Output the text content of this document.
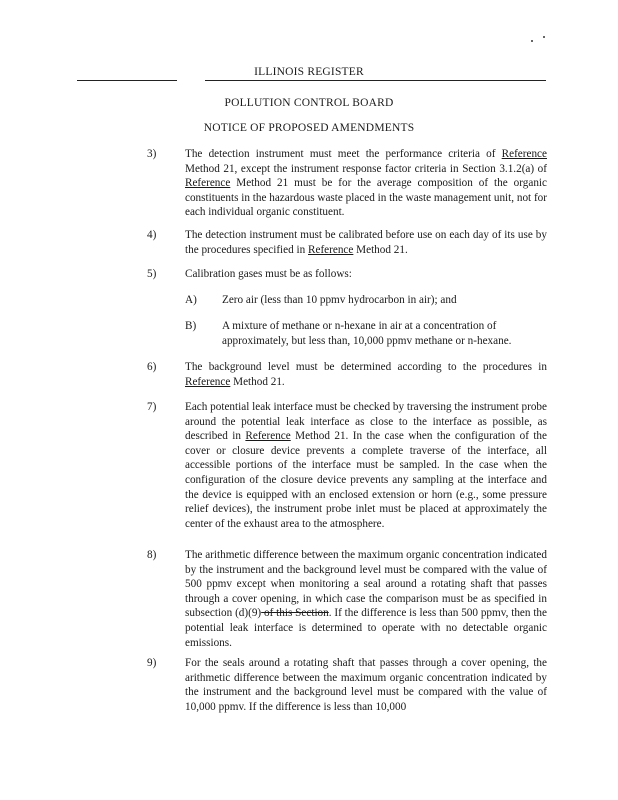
ILLINOIS REGISTER
POLLUTION CONTROL BOARD
NOTICE OF PROPOSED AMENDMENTS
3)	The detection instrument must meet the performance criteria of Reference Method 21, except the instrument response factor criteria in Section 3.1.2(a) of Reference Method 21 must be for the average composition of the organic constituents in the hazardous waste placed in the waste management unit, not for each individual organic constituent.
4)	The detection instrument must be calibrated before use on each day of its use by the procedures specified in Reference Method 21.
5)	Calibration gases must be as follows:
A)	Zero air (less than 10 ppmv hydrocarbon in air); and
B)	A mixture of methane or n-hexane in air at a concentration of approximately, but less than, 10,000 ppmv methane or n-hexane.
6)	The background level must be determined according to the procedures in Reference Method 21.
7)	Each potential leak interface must be checked by traversing the instrument probe around the potential leak interface as close to the interface as possible, as described in Reference Method 21. In the case when the configuration of the cover or closure device prevents a complete traverse of the interface, all accessible portions of the interface must be sampled. In the case when the configuration of the closure device prevents any sampling at the interface and the device is equipped with an enclosed extension or horn (e.g., some pressure relief devices), the instrument probe inlet must be placed at approximately the center of the exhaust area to the atmosphere.
8)	The arithmetic difference between the maximum organic concentration indicated by the instrument and the background level must be compared with the value of 500 ppmv except when monitoring a seal around a rotating shaft that passes through a cover opening, in which case the comparison must be as specified in subsection (d)(9) of this Section. If the difference is less than 500 ppmv, then the potential leak interface is determined to operate with no detectable organic emissions.
9)	For the seals around a rotating shaft that passes through a cover opening, the arithmetic difference between the maximum organic concentration indicated by the instrument and the background level must be compared with the value of 10,000 ppmv. If the difference is less than 10,000
